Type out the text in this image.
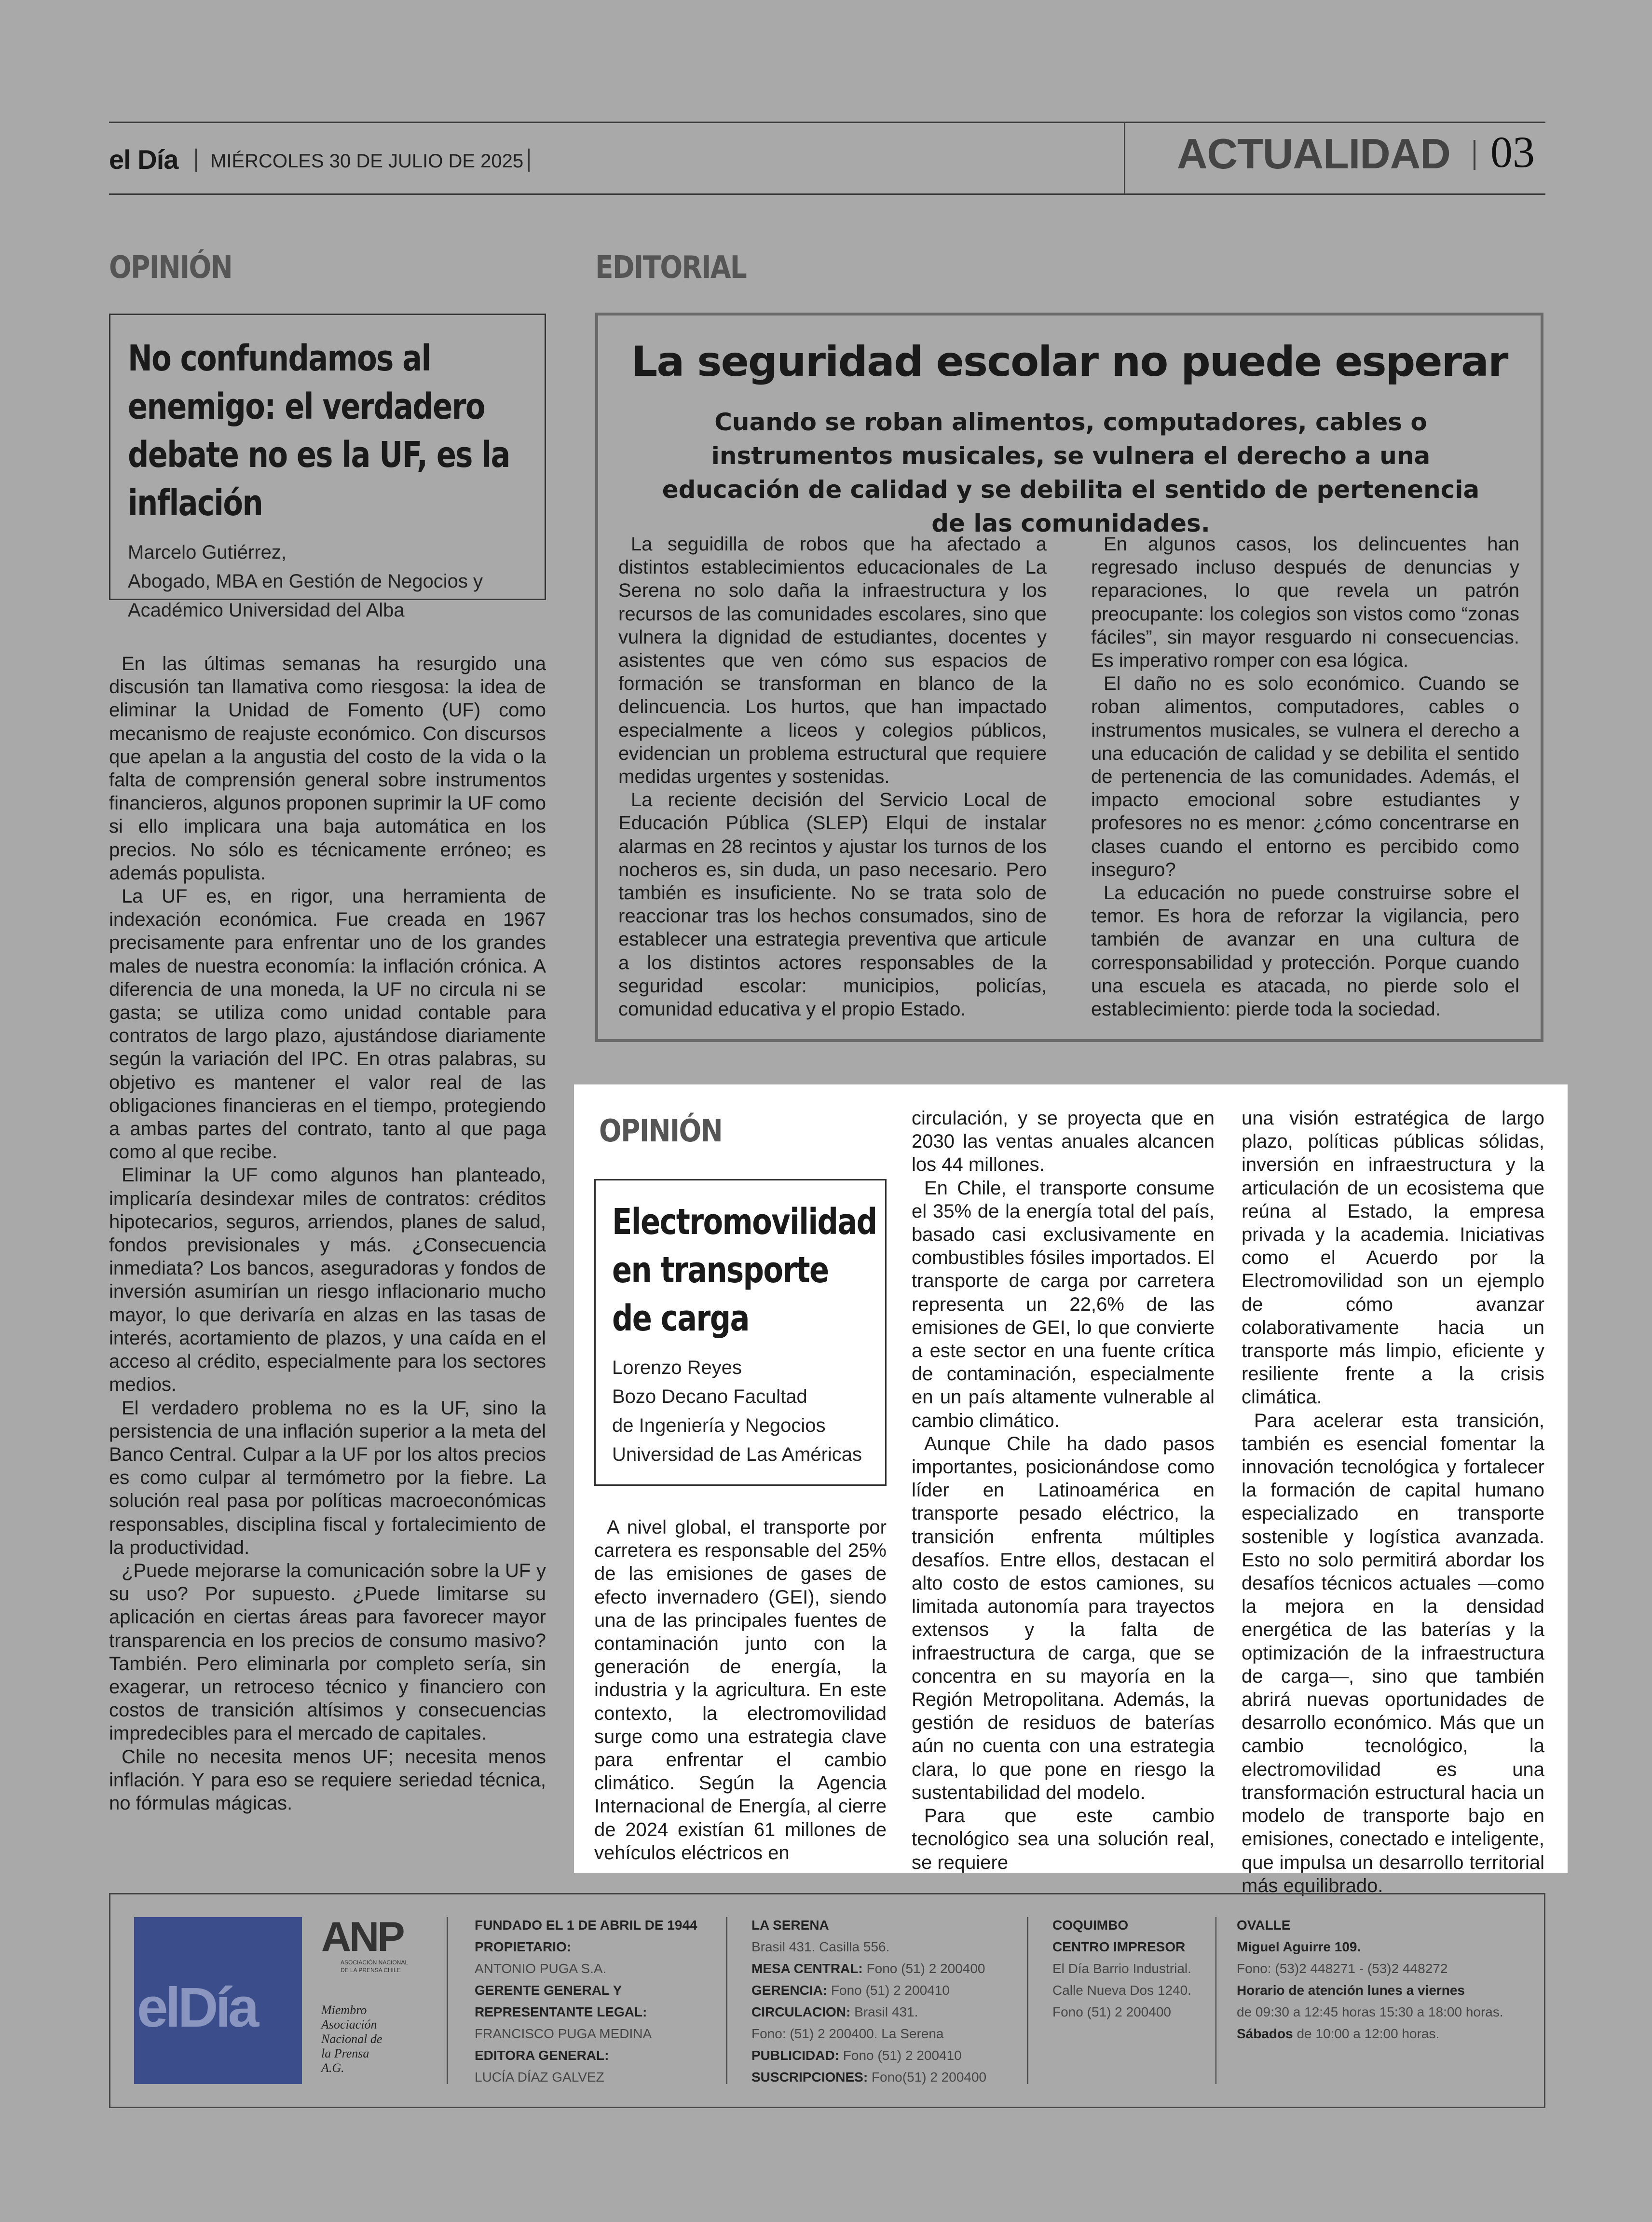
el Día MIÉRCOLES 30 DE JULIO DE 2025	ACTUALIDAD 03
OPINIÓN
No confundamos al enemigo: el verdadero debate no es la UF, es la inflación
Marcelo Gutiérrez,
Abogado, MBA en Gestión de Negocios y
Académico Universidad del Alba

En las últimas semanas ha resurgido una discusión tan llamativa como riesgosa: la idea de eliminar la Unidad de Fomento (UF) como mecanismo de reajuste económico. Con discursos que apelan a la angustia del costo de la vida o la falta de comprensión general sobre instrumentos financieros, algunos proponen suprimir la UF como si ello implicara una baja automática en los precios. No sólo es técnicamente erróneo; es además populista.

La UF es, en rigor, una herramienta de indexación económica. Fue creada en 1967 precisamente para enfrentar uno de los grandes males de nuestra economía: la inflación crónica. A diferencia de una moneda, la UF no circula ni se gasta; se utiliza como unidad contable para contratos de largo plazo, ajustándose diariamente según la variación del IPC. En otras palabras, su objetivo es mantener el valor real de las obligaciones financieras en el tiempo, protegiendo a ambas partes del contrato, tanto al que paga como al que recibe.

Eliminar la UF como algunos han planteado, implicaría desindexar miles de contratos: créditos hipotecarios, seguros, arriendos, planes de salud, fondos previsionales y más. ¿Consecuencia inmediata? Los bancos, aseguradoras y fondos de inversión asumirían un riesgo inflacionario mucho mayor, lo que derivaría en alzas en las tasas de interés, acortamiento de plazos, y una caída en el acceso al crédito, especialmente para los sectores medios.

El verdadero problema no es la UF, sino la persistencia de una inflación superior a la meta del Banco Central. Culpar a la UF por los altos precios es como culpar al termómetro por la fiebre. La solución real pasa por políticas macroeconómicas responsables, disciplina fiscal y fortalecimiento de la productividad.

¿Puede mejorarse la comunicación sobre la UF y su uso? Por supuesto. ¿Puede limitarse su aplicación en ciertas áreas para favorecer mayor transparencia en los precios de consumo masivo? También. Pero eliminarla por completo sería, sin exagerar, un retroceso técnico y financiero con costos de transición altísimos y consecuencias impredecibles para el mercado de capitales.

Chile no necesita menos UF; necesita menos inflación. Y para eso se requiere seriedad técnica, no fórmulas mágicas.

EDITORIAL
La seguridad escolar no puede esperar
Cuando se roban alimentos, computadores, cables o instrumentos musicales, se vulnera el derecho a una educación de calidad y se debilita el sentido de pertenencia de las comunidades.

La seguidilla de robos que ha afectado a distintos establecimientos educacionales de La Serena no solo daña la infraestructura y los recursos de las comunidades escolares, sino que vulnera la dignidad de estudiantes, docentes y asistentes que ven cómo sus espacios de formación se transforman en blanco de la delincuencia. Los hurtos, que han impactado especialmente a liceos y colegios públicos, evidencian un problema estructural que requiere medidas urgentes y sostenidas.

La reciente decisión del Servicio Local de Educación Pública (SLEP) Elqui de instalar alarmas en 28 recintos y ajustar los turnos de los nocheros es, sin duda, un paso necesario. Pero también es insuficiente. No se trata solo de reaccionar tras los hechos consumados, sino de establecer una estrategia preventiva que articule a los distintos actores responsables de la seguridad escolar: municipios, policías, comunidad educativa y el propio Estado.

En algunos casos, los delincuentes han regresado incluso después de denuncias y reparaciones, lo que revela un patrón preocupante: los colegios son vistos como “zonas fáciles”, sin mayor resguardo ni consecuencias. Es imperativo romper con esa lógica.

El daño no es solo económico. Cuando se roban alimentos, computadores, cables o instrumentos musicales, se vulnera el derecho a una educación de calidad y se debilita el sentido de pertenencia de las comunidades. Además, el impacto emocional sobre estudiantes y profesores no es menor: ¿cómo concentrarse en clases cuando el entorno es percibido como inseguro?

La educación no puede construirse sobre el temor. Es hora de reforzar la vigilancia, pero también de avanzar en una cultura de corresponsabilidad y protección. Porque cuando una escuela es atacada, no pierde solo el establecimiento: pierde toda la sociedad.

OPINIÓN
Electromovilidad en transporte de carga
Lorenzo Reyes
Bozo Decano Facultad
de Ingeniería y Negocios
Universidad de Las Américas

A nivel global, el transporte por carretera es responsable del 25% de las emisiones de gases de efecto invernadero (GEI), siendo una de las principales fuentes de contaminación junto con la generación de energía, la industria y la agricultura. En este contexto, la electromovilidad surge como una estrategia clave para enfrentar el cambio climático. Según la Agencia Internacional de Energía, al cierre de 2024 existían 61 millones de vehículos eléctricos en

circulación, y se proyecta que en 2030 las ventas anuales alcancen los 44 millones.

En Chile, el transporte consume el 35% de la energía total del país, basado casi exclusivamente en combustibles fósiles importados. El transporte de carga por carretera representa un 22,6% de las emisiones de GEI, lo que convierte a este sector en una fuente crítica de contaminación, especialmente en un país altamente vulnerable al cambio climático.

Aunque Chile ha dado pasos importantes, posicionándose como líder en Latinoamérica en transporte pesado eléctrico, la transición enfrenta múltiples desafíos. Entre ellos, destacan el alto costo de estos camiones, su limitada autonomía para trayectos extensos y la falta de infraestructura de carga, que se concentra en su mayoría en la Región Metropolitana. Además, la gestión de residuos de baterías aún no cuenta con una estrategia clara, lo que pone en riesgo la sustentabilidad del modelo.

Para que este cambio tecnológico sea una solución real, se requiere

una visión estratégica de largo plazo, políticas públicas sólidas, inversión en infraestructura y la articulación de un ecosistema que reúna al Estado, la empresa privada y la academia. Iniciativas como el Acuerdo por la Electromovilidad son un ejemplo de cómo avanzar colaborativamente hacia un transporte más limpio, eficiente y resiliente frente a la crisis climática.

Para acelerar esta transición, también es esencial fomentar la innovación tecnológica y fortalecer la formación de capital humano especializado en transporte sostenible y logística avanzada. Esto no solo permitirá abordar los desafíos técnicos actuales —como la mejora en la densidad energética de las baterías y la optimización de la infraestructura de carga—, sino que también abrirá nuevas oportunidades de desarrollo económico. Más que un cambio tecnológico, la electromovilidad es una transformación estructural hacia un modelo de transporte bajo en emisiones, conectado e inteligente, que impulsa un desarrollo territorial más equilibrado.

elDía
ANP
ASOCIACIÓN NACIONAL DE LA PRENSA CHILE
Miembro
Asociación
Nacional de
la Prensa
A.G.
FUNDADO EL 1 DE ABRIL DE 1944
PROPIETARIO:
ANTONIO PUGA S.A.
GERENTE GENERAL Y
REPRESENTANTE LEGAL:
FRANCISCO PUGA MEDINA
EDITORA GENERAL:
LUCÍA DÍAZ GALVEZ
LA SERENA
Brasil 431. Casilla 556.
MESA CENTRAL: Fono (51) 2 200400
GERENCIA: Fono (51) 2 200410
CIRCULACION: Brasil 431.
Fono: (51) 2 200400. La Serena
PUBLICIDAD: Fono (51) 2 200410
SUSCRIPCIONES: Fono(51) 2 200400
COQUIMBO
CENTRO IMPRESOR
El Día Barrio Industrial.
Calle Nueva Dos 1240.
Fono (51) 2 200400
OVALLE
Miguel Aguirre 109.
Fono: (53)2 448271 - (53)2 448272
Horario de atención lunes a viernes
de 09:30 a 12:45 horas 15:30 a 18:00 horas.
Sábados de 10:00 a 12:00 horas.
